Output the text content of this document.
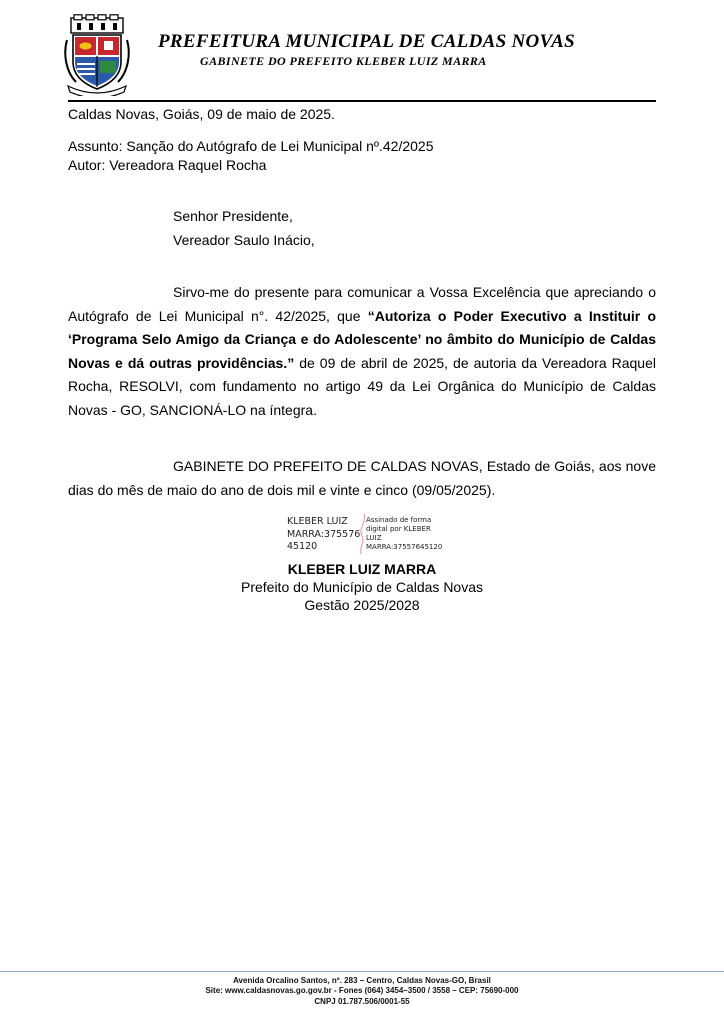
PREFEITURA MUNICIPAL DE CALDAS NOVAS
GABINETE DO PREFEITO KLEBER LUIZ MARRA
Caldas Novas, Goiás, 09 de maio de 2025.
Assunto: Sanção do Autógrafo de Lei Municipal nº.42/2025
Autor: Vereadora Raquel Rocha
Senhor Presidente,
Vereador Saulo Inácio,
Sirvo-me do presente para comunicar a Vossa Excelência que apreciando o Autógrafo de Lei Municipal n°. 42/2025, que “Autoriza o Poder Executivo a Instituir o ‘Programa Selo Amigo da Criança e do Adolescente’ no âmbito do Município de Caldas Novas e dá outras providências.” de 09 de abril de 2025, de autoria da Vereadora Raquel Rocha, RESOLVI, com fundamento no artigo 49 da Lei Orgânica do Município de Caldas Novas - GO, SANCIONÁ-LO na íntegra.
GABINETE DO PREFEITO DE CALDAS NOVAS, Estado de Goiás, aos nove dias do mês de maio do ano de dois mil e vinte e cinco (09/05/2025).
KLEBER LUIZ
MARRA:375576
45120
Assinado de forma
digital por KLEBER
LUIZ
MARRA:37557645120
KLEBER LUIZ MARRA
Prefeito do Município de Caldas Novas
Gestão 2025/2028
Avenida Orcalino Santos, nº. 283 – Centro, Caldas Novas-GO, Brasil
Site: www.caldasnovas.go.gov.br - Fones (064) 3454–3500 / 3558 – CEP: 75690-000
CNPJ 01.787.506/0001-55
